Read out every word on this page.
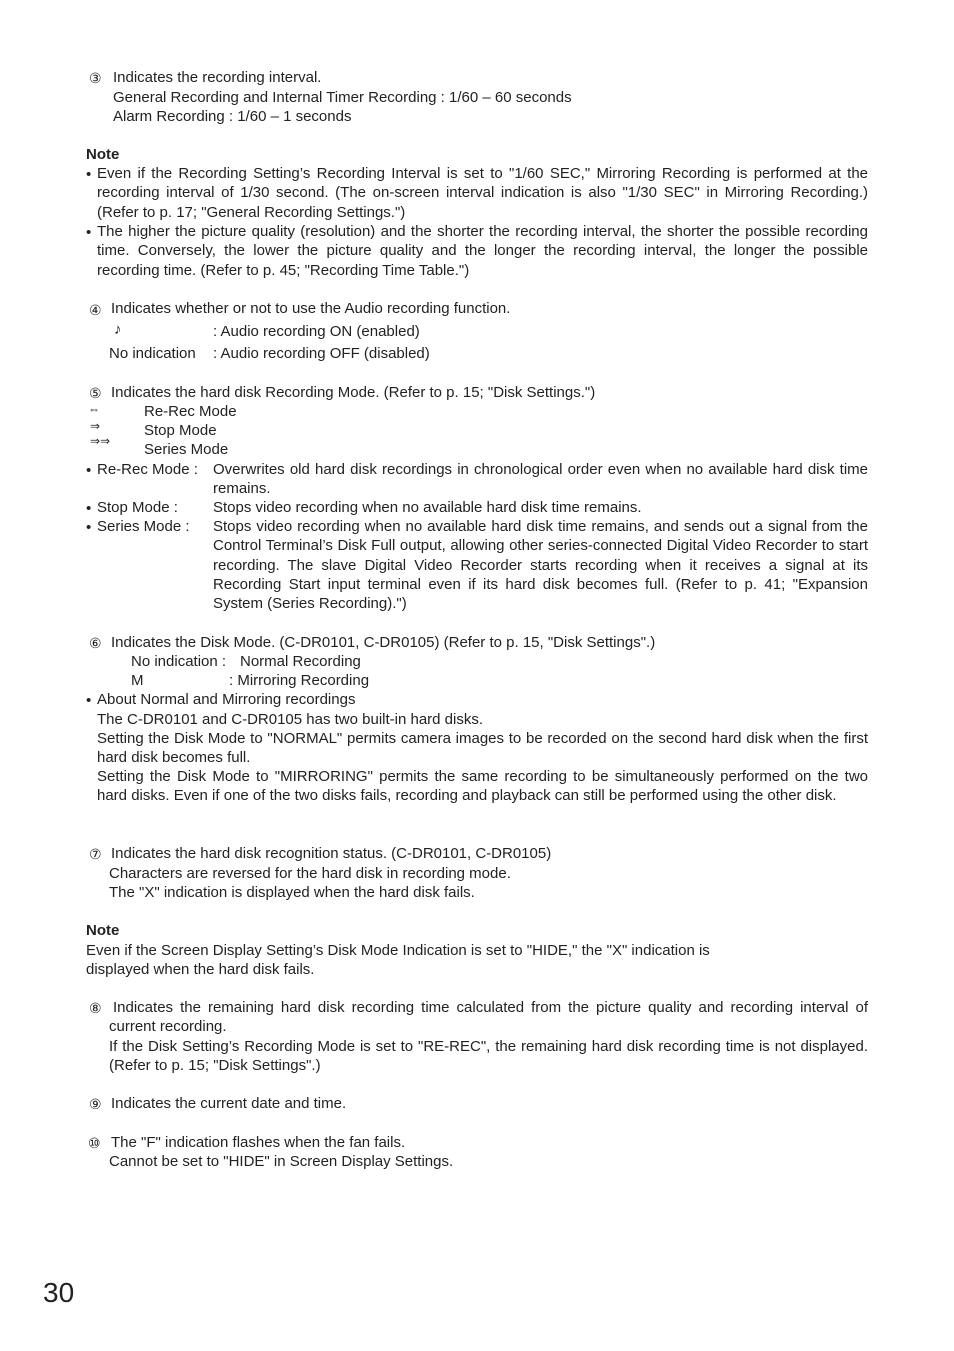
③ Indicates the recording interval.
General Recording and Internal Timer Recording : 1/60 – 60 seconds
Alarm Recording : 1/60 – 1 seconds
Note
• Even if the Recording Setting’s Recording Interval is set to "1/60 SEC," Mirroring Recording is performed at the recording interval of 1/30 second. (The on-screen interval indication is also "1/30 SEC" in Mirroring Recording.) (Refer to p. 17; "General Recording Settings.")
• The higher the picture quality (resolution) and the shorter the recording interval, the shorter the possible recording time. Conversely, the lower the picture quality and the longer the recording interval, the longer the possible recording time. (Refer to p. 45; "Recording Time Table.")
④ Indicates whether or not to use the Audio recording function.
♪	: Audio recording ON (enabled)
No indication : Audio recording OFF (disabled)
⑤ Indicates the hard disk Recording Mode. (Refer to p. 15; "Disk Settings.")
⇔	Re-Rec Mode
⇒	Stop Mode
⇒⇒ Series Mode
• Re-Rec Mode : Overwrites old hard disk recordings in chronological order even when no available hard disk time remains.
• Stop Mode : Stops video recording when no available hard disk time remains.
• Series Mode : Stops video recording when no available hard disk time remains, and sends out a signal from the Control Terminal’s Disk Full output, allowing other series-connected Digital Video Recorder to start recording. The slave Digital Video Recorder starts recording when it receives a signal at its Recording Start input terminal even if its hard disk becomes full. (Refer to p. 41; "Expansion System (Series Recording).")
⑥ Indicates the Disk Mode. (C-DR0101, C-DR0105) (Refer to p. 15, "Disk Settings".)
No indication : Normal Recording
M	: Mirroring Recording
• About Normal and Mirroring recordings
The C-DR0101 and C-DR0105 has two built-in hard disks.
Setting the Disk Mode to "NORMAL" permits camera images to be recorded on the second hard disk when the first hard disk becomes full.
Setting the Disk Mode to "MIRRORING" permits the same recording to be simultaneously performed on the two hard disks. Even if one of the two disks fails, recording and playback can still be performed using the other disk.
⑦ Indicates the hard disk recognition status. (C-DR0101, C-DR0105)
Characters are reversed for the hard disk in recording mode.
The "X" indication is displayed when the hard disk fails.
Note
Even if the Screen Display Setting’s Disk Mode Indication is set to "HIDE," the "X" indication is
displayed when the hard disk fails.
⑧ Indicates the remaining hard disk recording time calculated from the picture quality and recording interval of current recording.
If the Disk Setting’s Recording Mode is set to "RE-REC", the remaining hard disk recording time is not displayed.(Refer to p. 15; "Disk Settings".)
⑨ Indicates the current date and time.
⑩ The "F" indication flashes when the fan fails.
Cannot be set to "HIDE" in Screen Display Settings.
30
